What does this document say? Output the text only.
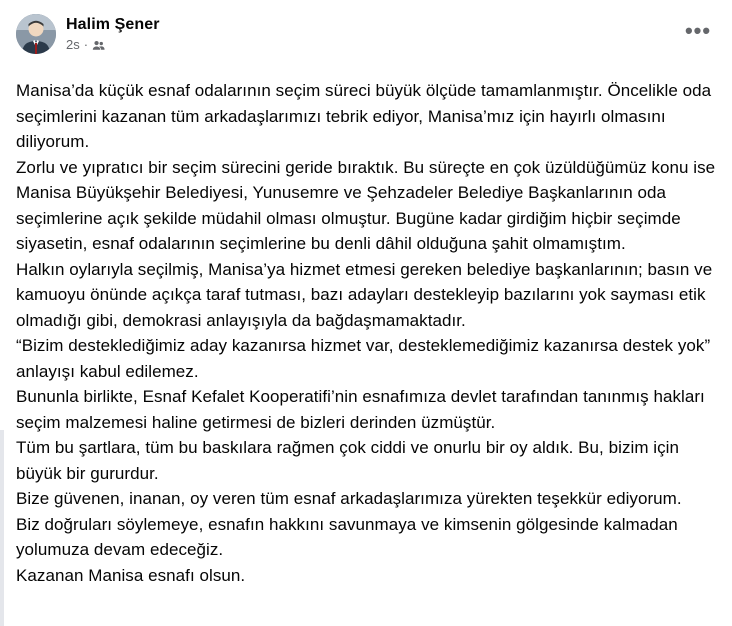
Halim Şener
2s ·
•••

Manisa’da küçük esnaf odalarının seçim süreci büyük ölçüde tamamlanmıştır. Öncelikle oda seçimlerini kazanan tüm arkadaşlarımızı tebrik ediyor, Manisa’mız için hayırlı olmasını diliyorum.

Zorlu ve yıpratıcı bir seçim sürecini geride bıraktık. Bu süreçte en çok üzüldüğümüz konu ise Manisa Büyükşehir Belediyesi, Yunusemre ve Şehzadeler Belediye Başkanlarının oda seçimlerine açık şekilde müdahil olması olmuştur. Bugüne kadar girdiğim hiçbir seçimde siyasetin, esnaf odalarının seçimlerine bu denli dâhil olduğuna şahit olmamıştım.

Halkın oylarıyla seçilmiş, Manisa’ya hizmet etmesi gereken belediye başkanlarının; basın ve kamuoyu önünde açıkça taraf tutması, bazı adayları destekleyip bazılarını yok sayması etik olmadığı gibi, demokrasi anlayışıyla da bağdaşmamaktadır.

“Bizim desteklediğimiz aday kazanırsa hizmet var, desteklemediğimiz kazanırsa destek yok” anlayışı kabul edilemez.

Bununla birlikte, Esnaf Kefalet Kooperatifi’nin esnafımıza devlet tarafından tanınmış hakları seçim malzemesi haline getirmesi de bizleri derinden üzmüştür.

Tüm bu şartlara, tüm bu baskılara rağmen çok ciddi ve onurlu bir oy aldık. Bu, bizim için büyük bir gururdur.

Bize güvenen, inanan, oy veren tüm esnaf arkadaşlarımıza yürekten teşekkür ediyorum.

Biz doğruları söylemeye, esnafın hakkını savunmaya ve kimsenin gölgesinde kalmadan yolumuza devam edeceğiz.

Kazanan Manisa esnafı olsun.
